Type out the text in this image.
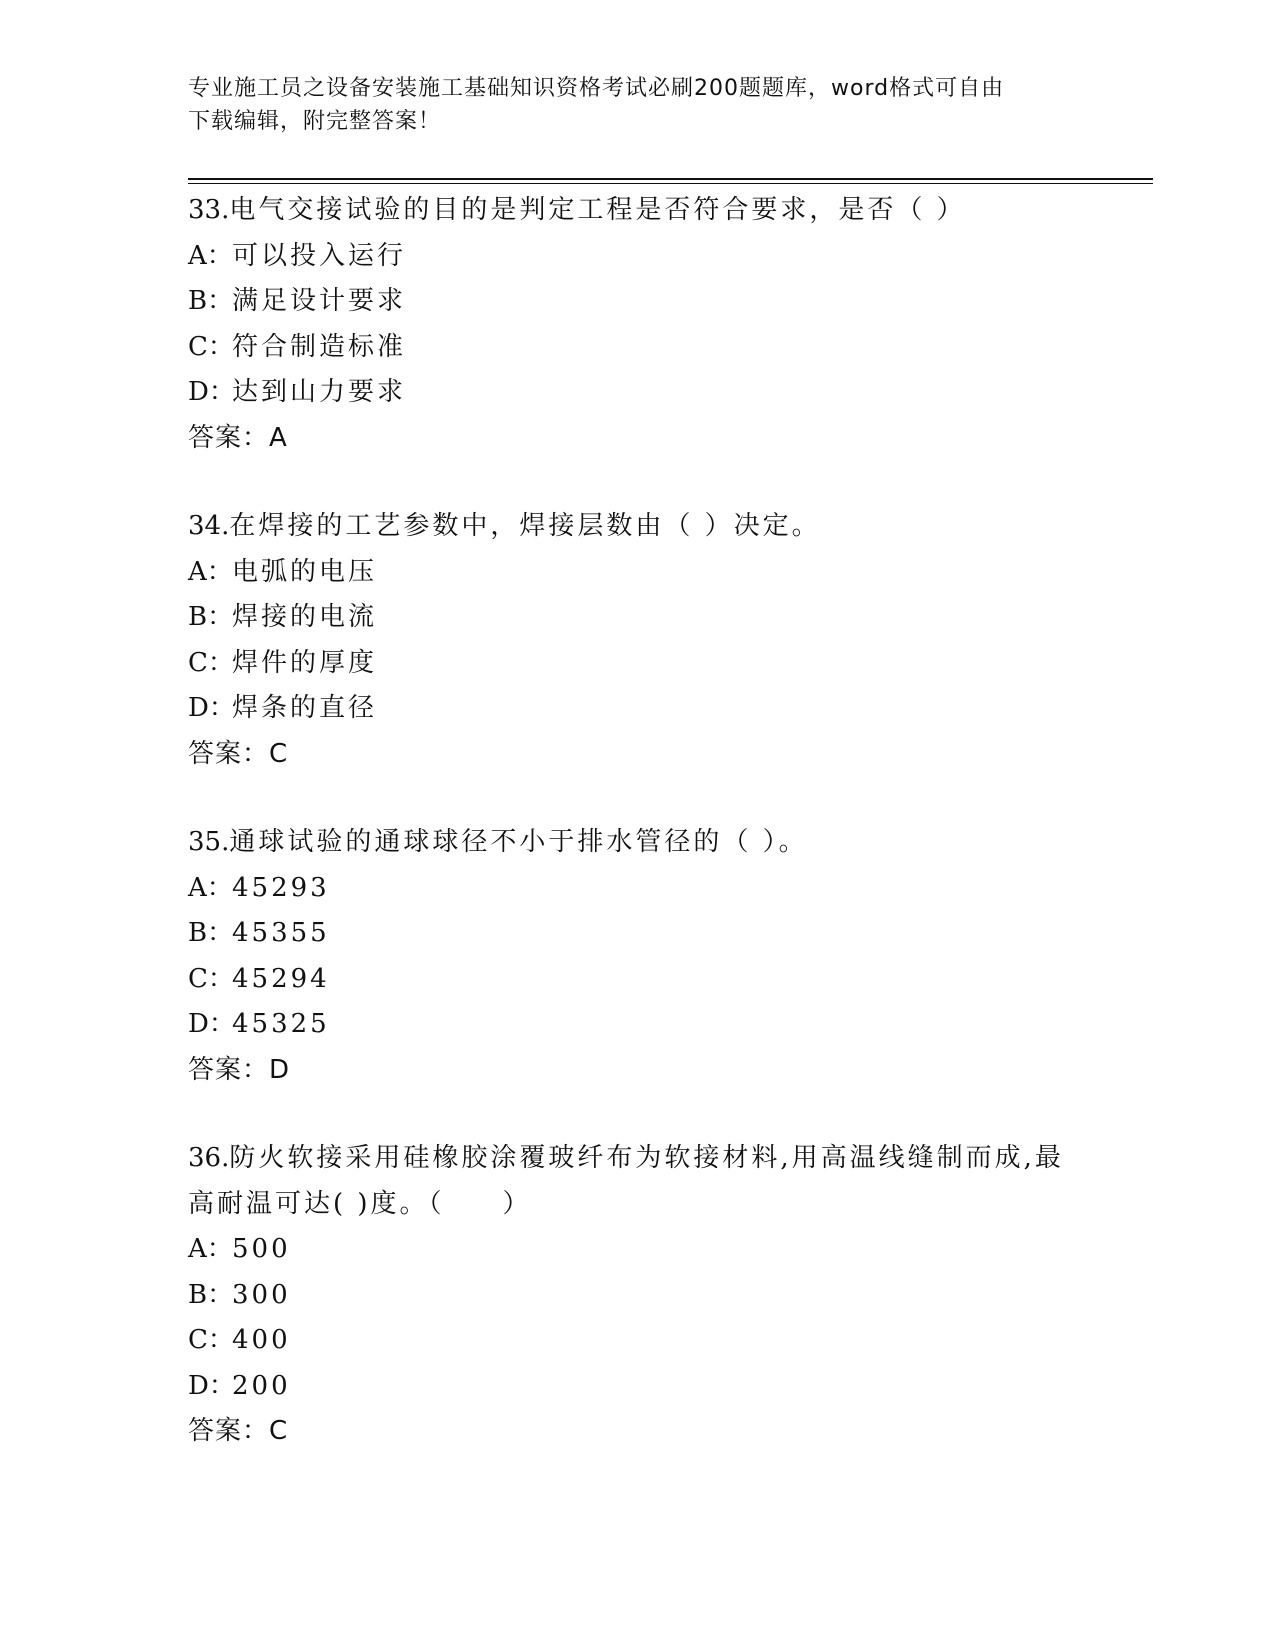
专业施工员之设备安装施工基础知识资格考试必刷200题题库，word格式可自由
下载编辑，附完整答案！
33.电气交接试验的目的是判定工程是否符合要求，是否（ ）
A：可以投入运行
B：满足设计要求
C：符合制造标准
D：达到山力要求
答案：A
34.在焊接的工艺参数中，焊接层数由（ ）决定。
A：电弧的电压
B：焊接的电流
C：焊件的厚度
D：焊条的直径
答案：C
35.通球试验的通球球径不小于排水管径的（ ）。
A：45293
B：45355
C：45294
D：45325
答案：D
36.防火软接采用硅橡胶涂覆玻纤布为软接材料,用高温线缝制而成,最高耐温可达( )度。（　　）
A：500
B：300
C：400
D：200
答案：C
